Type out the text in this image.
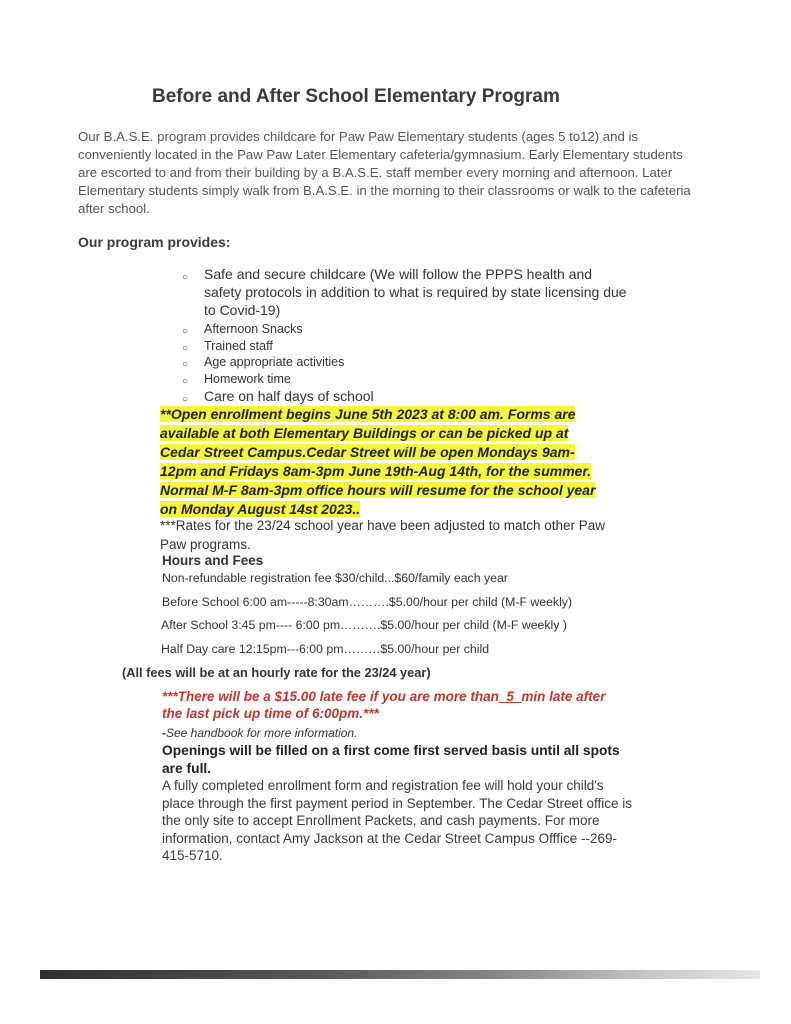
Before and After School Elementary Program

Our B.A.S.E. program provides childcare for Paw Paw Elementary students (ages 5 to12) and is conveniently located in the Paw Paw Later Elementary cafeteria/gymnasium. Early Elementary students are escorted to and from their building by a B.A.S.E. staff member every morning and afternoon. Later Elementary students simply walk from B.A.S.E. in the morning to their classrooms or walk to the cafeteria after school.

Our program provides:
○ Safe and secure childcare (We will follow the PPPS health and safety protocols in addition to what is required by state licensing due to Covid-19)
○ Afternoon Snacks
○ Trained staff
○ Age appropriate activities
○ Homework time
○ Care on half days of school
**Open enrollment begins June 5th 2023 at 8:00 am. Forms are available at both Elementary Buildings or can be picked up at Cedar Street Campus.Cedar Street will be open Mondays 9am-12pm and Fridays 8am-3pm June 19th-Aug 14th, for the summer. Normal M-F 8am-3pm office hours will resume for the school year on Monday August 14st 2023..
***Rates for the 23/24 school year have been adjusted to match other Paw Paw programs.
Hours and Fees
Non-refundable registration fee $30/child...$60/family each year
Before School 6:00 am-----8:30am……….$5.00/hour per child (M-F weekly)
After School 3:45 pm---- 6:00 pm……….$5.00/hour per child (M-F weekly )
Half Day care 12:15pm---6:00 pm………$5.00/hour per child
(All fees will be at an hourly rate for the 23/24 year)
***There will be a $15.00 late fee if you are more than_5_min late after the last pick up time of 6:00pm.***
-See handbook for more information.
Openings will be filled on a first come first served basis until all spots are full.
A fully completed enrollment form and registration fee will hold your child's place through the first payment period in September. The Cedar Street office is the only site to accept Enrollment Packets, and cash payments. For more information, contact Amy Jackson at the Cedar Street Campus Offfice --269-415-5710.
